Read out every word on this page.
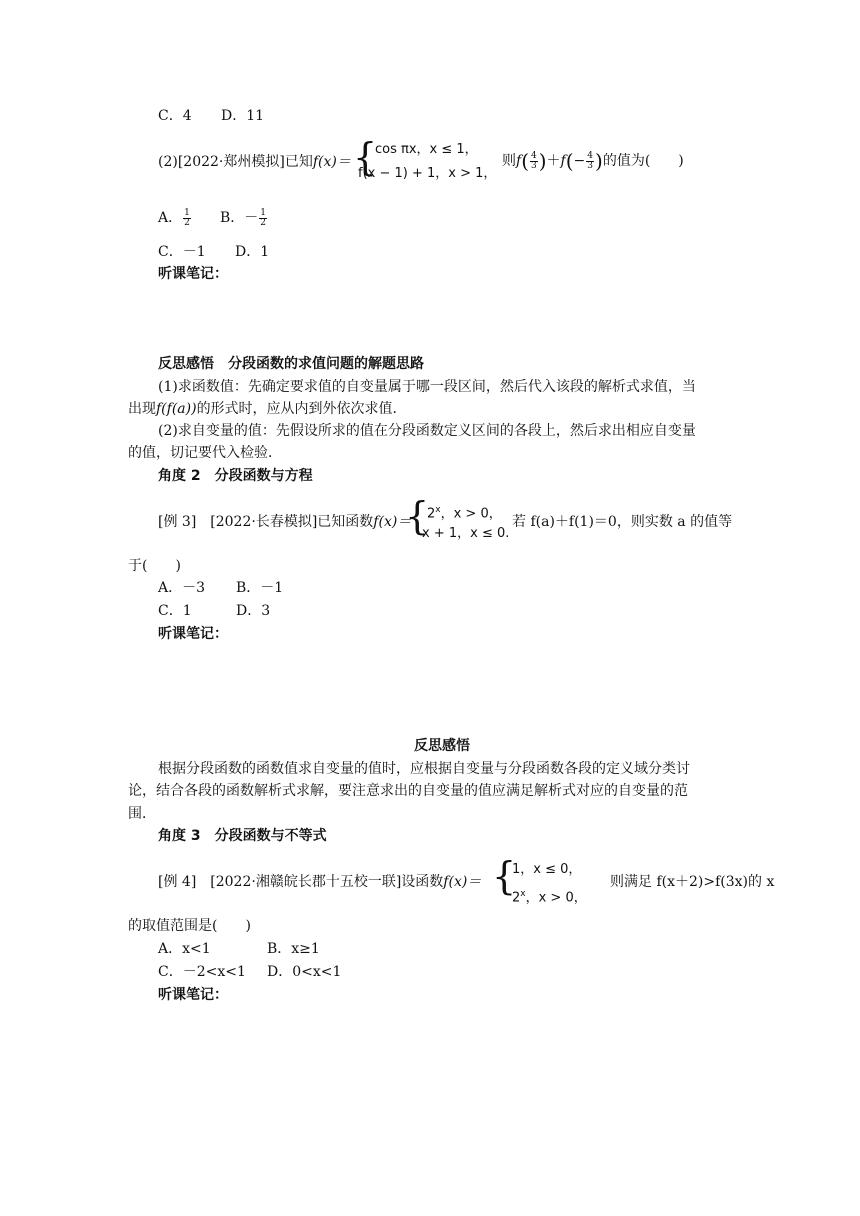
C．4 D．11
(2)[2022·郑州模拟]已知f(x)＝ {
cos πx，x ≤ 1，
f(x − 1) + 1，x > 1，
则$f( \frac{4}{3} )+f(- \frac{4}{3}$ )的值为(　　)
A． $\frac{1}{2}$ B．－ $\frac{1}{2}$
C．－1 D．1
听课笔记：
反思感悟　分段函数的求值问题的解题思路
(1)求函数值：先确定要求值的自变量属于哪一段区间，然后代入该段的解析式求值，当
出现f(f(a))的形式时，应从内到外依次求值．
(2)求自变量的值：先假设所求的值在分段函数定义区间的各段上，然后求出相应自变量
的值，切记要代入检验．
角度 2　分段函数与方程
[例 3]　[2022·长春模拟]已知函数f(x)＝
{
2$^x$，x > 0，
x + 1，x ≤ 0.
若 f(a)＋f(1)＝0，则实数 a 的值等
于(　　)
A．－3 B．－1
C．1	D．3
听课笔记：
反思感悟
根据分段函数的函数值求自变量的值时，应根据自变量与分段函数各段的定义域分类讨
论，结合各段的函数解析式求解，要注意求出的自变量的值应满足解析式对应的自变量的范
围．
角度 3　分段函数与不等式
[例 4]　[2022·湘赣皖长郡十五校一联]设函数f(x)＝ {
1，x ≤ 0，
2$^x$，x > 0，
则满足 f(x＋2)>f(3x)的 x
的取值范围是(　　)
A．x<1	B．x≥1
C．－2<x<1 D．0<x<1
听课笔记：
